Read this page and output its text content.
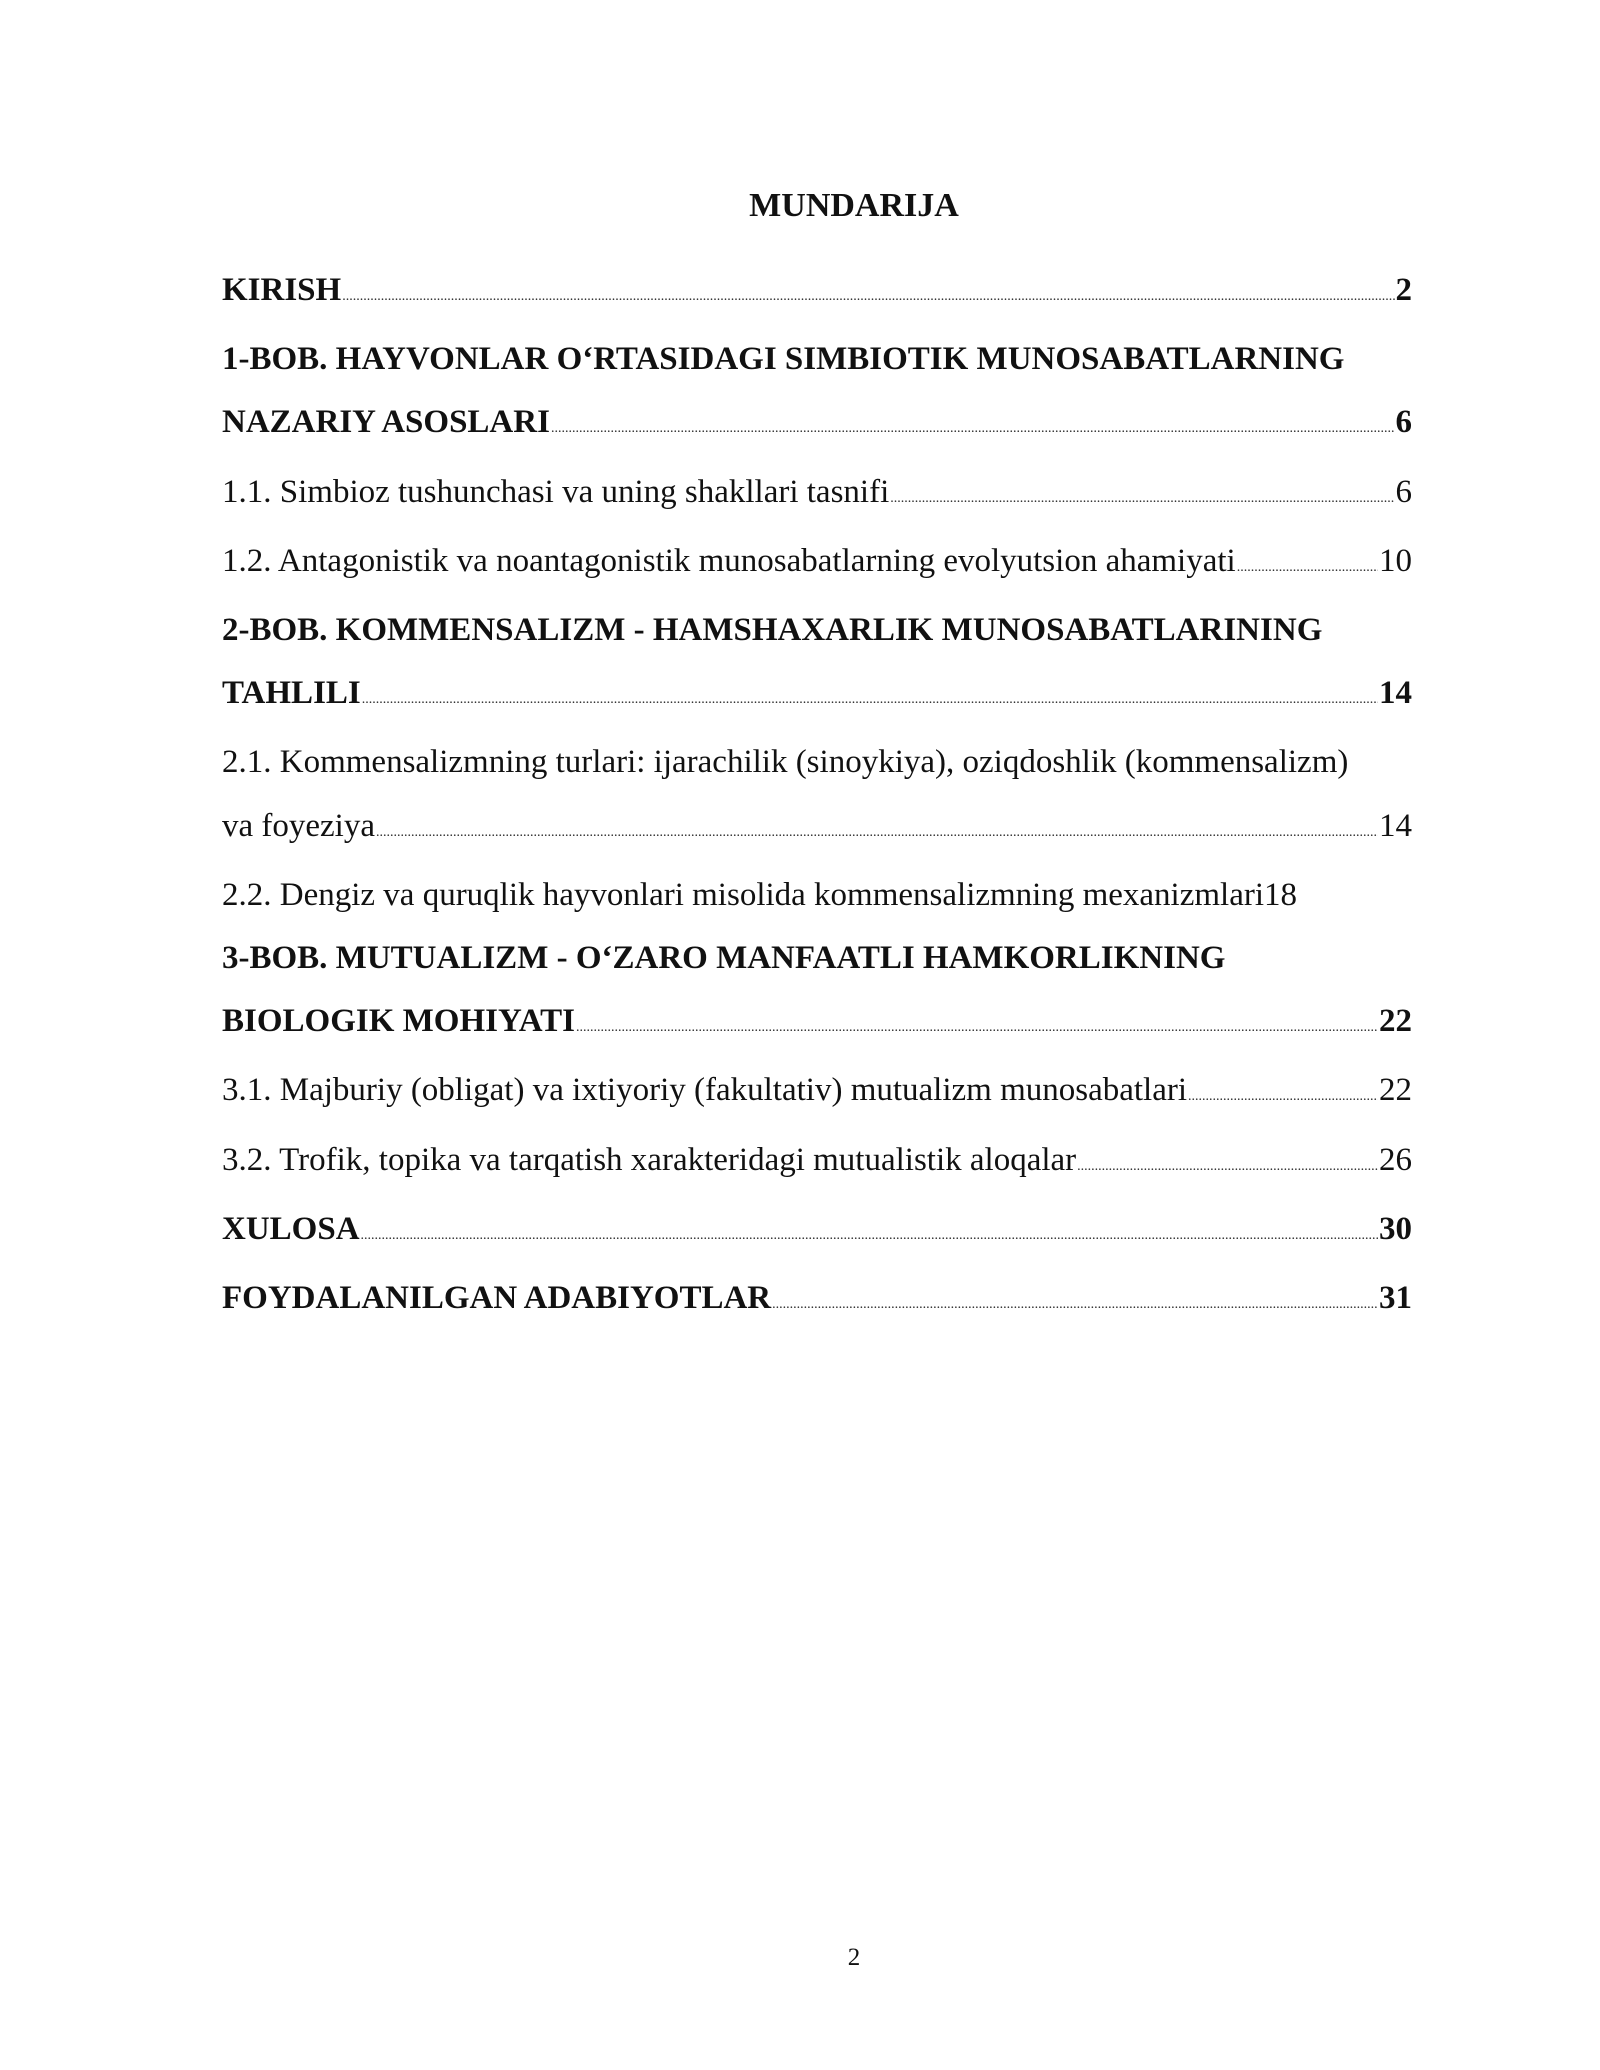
MUNDARIJA
KIRISH .....	2
1-BOB. HAYVONLAR O‘RTASIDAGI SIMBIOTIK MUNOSABATLARNING
NAZARIY ASOSLARI .....	6
1.1. Simbioz tushunchasi va uning shakllari tasnifi .....	6
1.2. Antagonistik va noantagonistik munosabatlarning evolyutsion ahamiyati .....	10
2-BOB. KOMMENSALIZM - HAMSHAXARLIK MUNOSABATLARINING
TAHLILI .....	14
2.1. Kommensalizmning turlari: ijarachilik (sinoykiya), oziqdoshlik (kommensalizm)
va foyeziya .....	14
2.2. Dengiz va quruqlik hayvonlari misolida kommensalizmning mexanizmlari 18
3-BOB. MUTUALIZM - O‘ZARO MANFAATLI HAMKORLIKNING
BIOLOGIK MOHIYATI .....	22
3.1. Majburiy (obligat) va ixtiyoriy (fakultativ) mutualizm munosabatlari .....	22
3.2. Trofik, topika va tarqatish xarakteridagi mutualistik aloqalar .....	26
XULOSA .....	30
FOYDALANILGAN ADABIYOTLAR .....	31
2
